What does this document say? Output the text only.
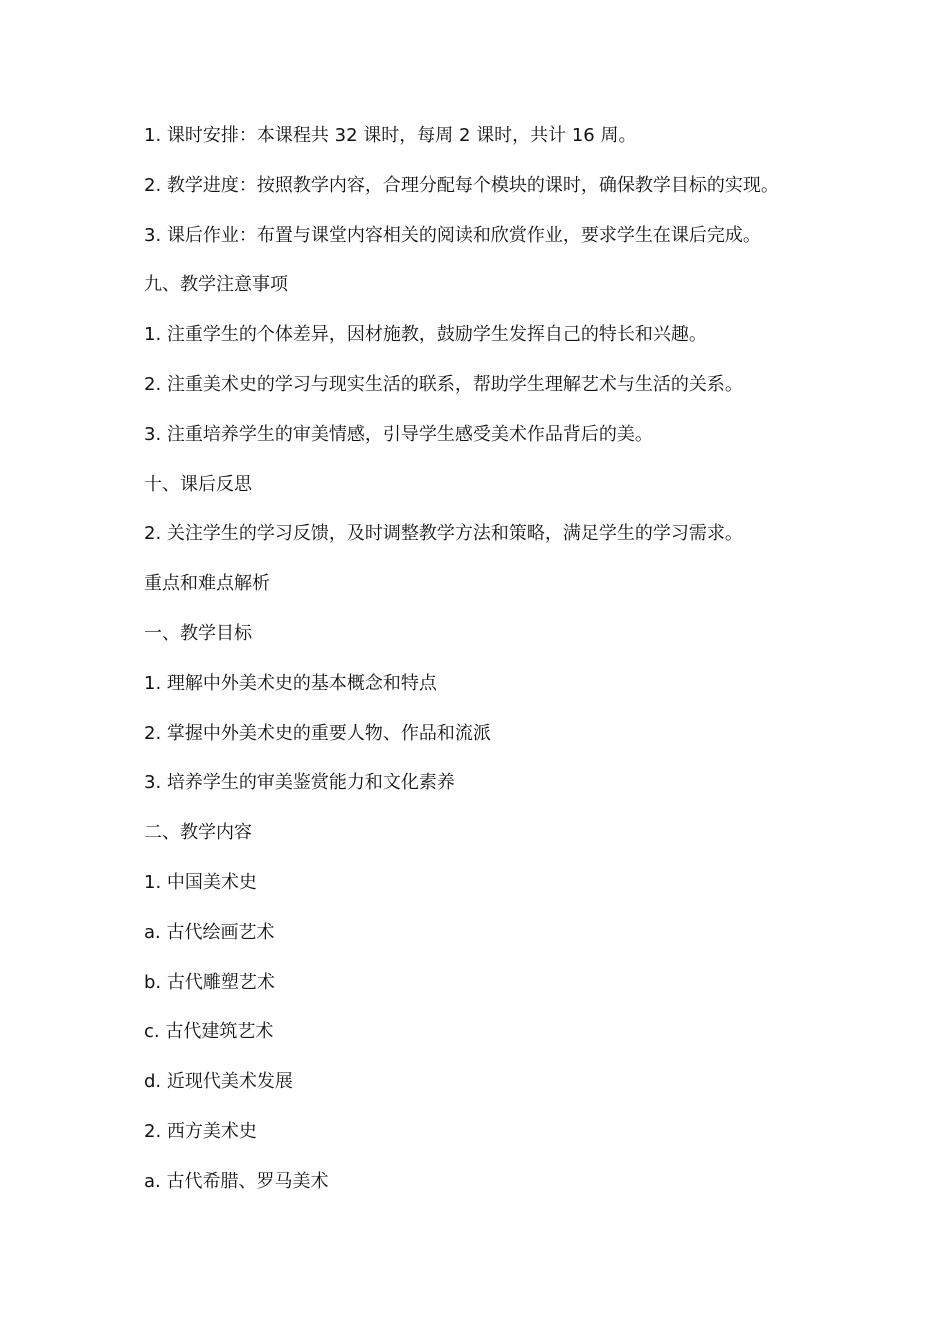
1. 课时安排：本课程共 32 课时，每周 2 课时，共计 16 周。
2. 教学进度：按照教学内容，合理分配每个模块的课时，确保教学目标的实现。
3. 课后作业：布置与课堂内容相关的阅读和欣赏作业，要求学生在课后完成。
九、教学注意事项
1. 注重学生的个体差异，因材施教，鼓励学生发挥自己的特长和兴趣。
2. 注重美术史的学习与现实生活的联系，帮助学生理解艺术与生活的关系。
3. 注重培养学生的审美情感，引导学生感受美术作品背后的美。
十、课后反思
2. 关注学生的学习反馈，及时调整教学方法和策略，满足学生的学习需求。
重点和难点解析
一、教学目标
1. 理解中外美术史的基本概念和特点
2. 掌握中外美术史的重要人物、作品和流派
3. 培养学生的审美鉴赏能力和文化素养
二、教学内容
1. 中国美术史
a. 古代绘画艺术
b. 古代雕塑艺术
c. 古代建筑艺术
d. 近现代美术发展
2. 西方美术史
a. 古代希腊、罗马美术
